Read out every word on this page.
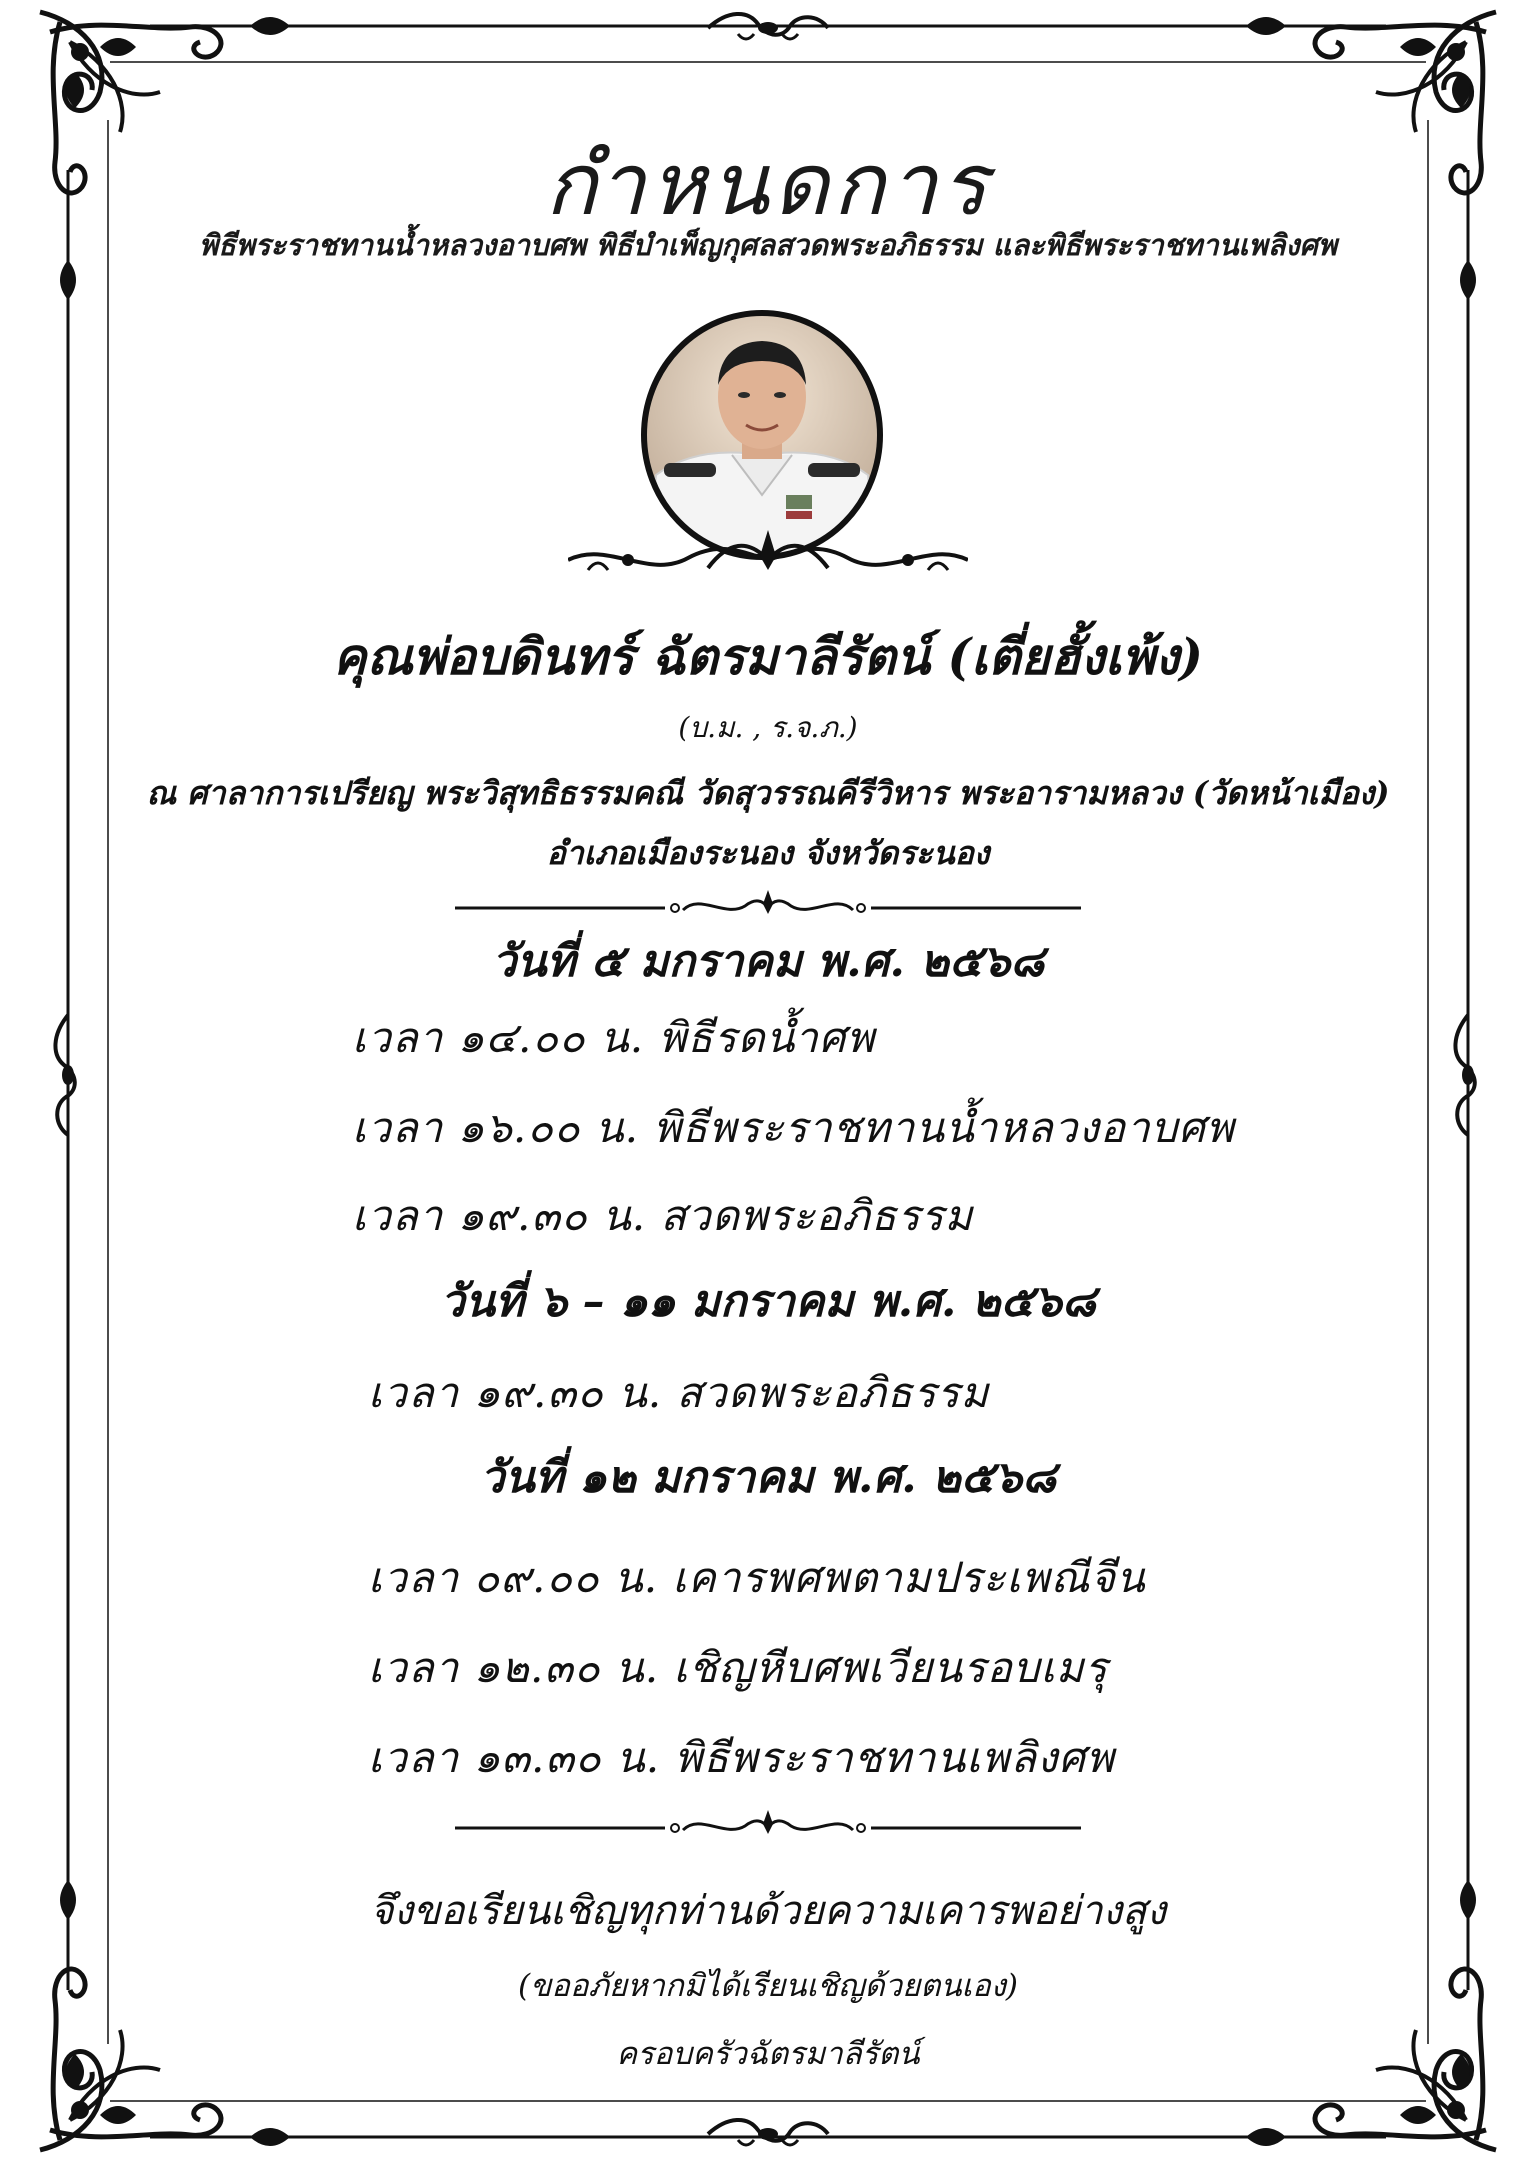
กำหนดการ
พิธีพระราชทานน้ำหลวงอาบศพ พิธีบำเพ็ญกุศลสวดพระอภิธรรม และพิธีพระราชทานเพลิงศพ
คุณพ่อบดินทร์ ฉัตรมาลีรัตน์ (เตี่ยฮั้งเพ้ง)
(บ.ม. , ร.จ.ภ.)
ณ ศาลาการเปรียญ พระวิสุทธิธรรมคณี วัดสุวรรณคีรีวิหาร พระอารามหลวง (วัดหน้าเมือง)
อำเภอเมืองระนอง จังหวัดระนอง
วันที่ ๕ มกราคม พ.ศ. ๒๕๖๘
เวลา ๑๔.๐๐ น. พิธีรดน้ำศพ
เวลา ๑๖.๐๐ น. พิธีพระราชทานน้ำหลวงอาบศพ
เวลา ๑๙.๓๐ น. สวดพระอภิธรรม
วันที่ ๖ – ๑๑ มกราคม พ.ศ. ๒๕๖๘
เวลา ๑๙.๓๐ น. สวดพระอภิธรรม
วันที่ ๑๒ มกราคม พ.ศ. ๒๕๖๘
เวลา ๐๙.๐๐ น. เคารพศพตามประเพณีจีน
เวลา ๑๒.๓๐ น. เชิญหีบศพเวียนรอบเมรุ
เวลา ๑๓.๓๐ น. พิธีพระราชทานเพลิงศพ
จึงขอเรียนเชิญทุกท่านด้วยความเคารพอย่างสูง
(ขออภัยหากมิได้เรียนเชิญด้วยตนเอง)
ครอบครัวฉัตรมาลีรัตน์
